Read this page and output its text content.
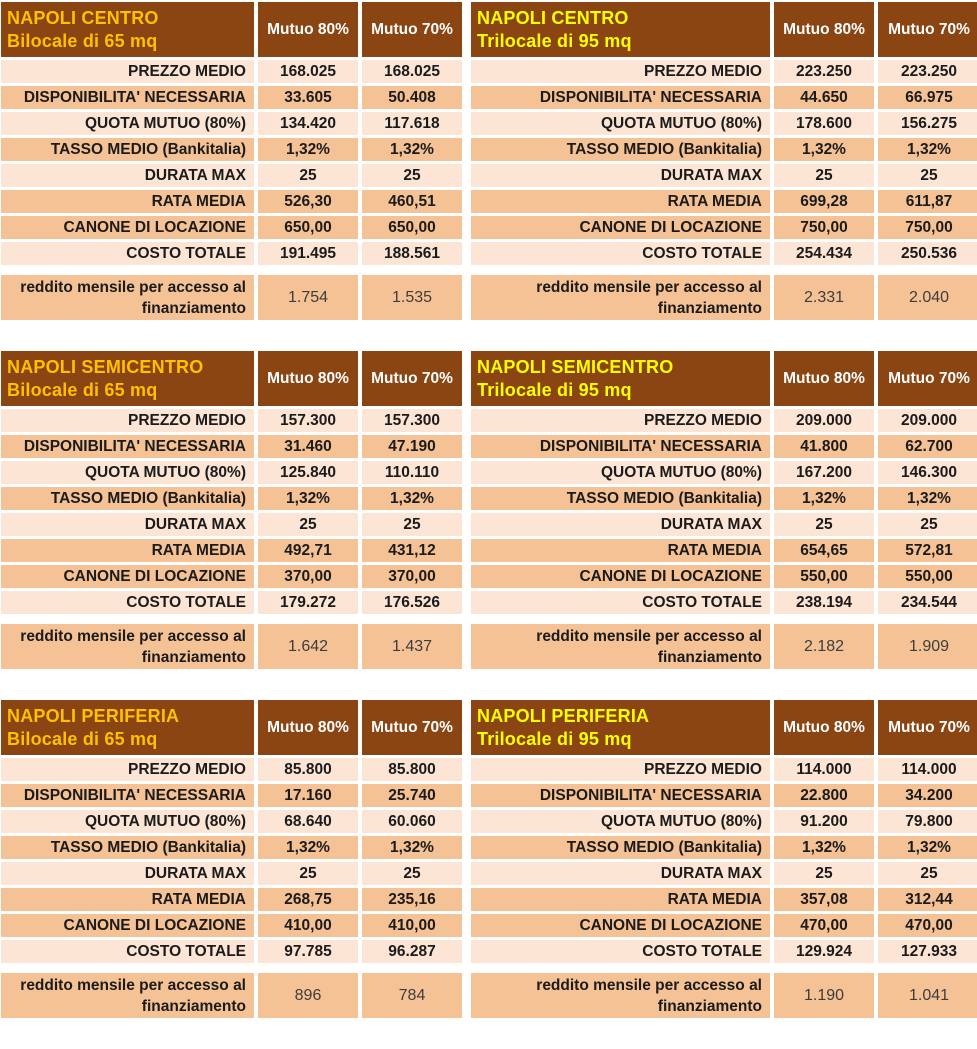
NAPOLI CENTRO
Bilocale di 65 mq
Mutuo 80%	Mutuo 70%
PREZZO MEDIO	168.025	168.025
DISPONIBILITA' NECESSARIA	33.605	50.408
QUOTA MUTUO (80%)	134.420	117.618
TASSO MEDIO (Bankitalia)	1,32%	1,32%
DURATA MAX	25	25
RATA MEDIA	526,30	460,51
CANONE DI LOCAZIONE	650,00	650,00
COSTO TOTALE	191.495	188.561
reddito mensile per accesso al
finanziamento
1.754	1.535
NAPOLI SEMICENTRO
Bilocale di 65 mq
Mutuo 80%	Mutuo 70%
PREZZO MEDIO	157.300	157.300
DISPONIBILITA' NECESSARIA	31.460	47.190
QUOTA MUTUO (80%)	125.840	110.110
TASSO MEDIO (Bankitalia)	1,32%	1,32%
DURATA MAX	25	25
RATA MEDIA	492,71	431,12
CANONE DI LOCAZIONE	370,00	370,00
COSTO TOTALE	179.272	176.526
reddito mensile per accesso al
finanziamento
1.642	1.437
NAPOLI PERIFERIA
Bilocale di 65 mq
Mutuo 80%	Mutuo 70%
PREZZO MEDIO	85.800	85.800
DISPONIBILITA' NECESSARIA	17.160	25.740
QUOTA MUTUO (80%)	68.640	60.060
TASSO MEDIO (Bankitalia)	1,32%	1,32%
DURATA MAX	25	25
RATA MEDIA	268,75	235,16
CANONE DI LOCAZIONE	410,00	410,00
COSTO TOTALE	97.785	96.287
reddito mensile per accesso al
finanziamento
896	784
NAPOLI CENTRO
Trilocale di 95 mq
Mutuo 80%	Mutuo 70%
PREZZO MEDIO	223.250	223.250
DISPONIBILITA' NECESSARIA	44.650	66.975
QUOTA MUTUO (80%)	178.600	156.275
TASSO MEDIO (Bankitalia)	1,32%	1,32%
DURATA MAX	25	25
RATA MEDIA	699,28	611,87
CANONE DI LOCAZIONE	750,00	750,00
COSTO TOTALE	254.434	250.536
reddito mensile per accesso al
finanziamento
2.331	2.040
NAPOLI SEMICENTRO
Trilocale di 95 mq
Mutuo 80%	Mutuo 70%
PREZZO MEDIO	209.000	209.000
DISPONIBILITA' NECESSARIA	41.800	62.700
QUOTA MUTUO (80%)	167.200	146.300
TASSO MEDIO (Bankitalia)	1,32%	1,32%
DURATA MAX	25	25
RATA MEDIA	654,65	572,81
CANONE DI LOCAZIONE	550,00	550,00
COSTO TOTALE	238.194	234.544
reddito mensile per accesso al
finanziamento
2.182	1.909
NAPOLI PERIFERIA
Trilocale di 95 mq
Mutuo 80%	Mutuo 70%
PREZZO MEDIO	114.000	114.000
DISPONIBILITA' NECESSARIA	22.800	34.200
QUOTA MUTUO (80%)	91.200	79.800
TASSO MEDIO (Bankitalia)	1,32%	1,32%
DURATA MAX	25	25
RATA MEDIA	357,08	312,44
CANONE DI LOCAZIONE	470,00	470,00
COSTO TOTALE	129.924	127.933
reddito mensile per accesso al
finanziamento
1.190	1.041
